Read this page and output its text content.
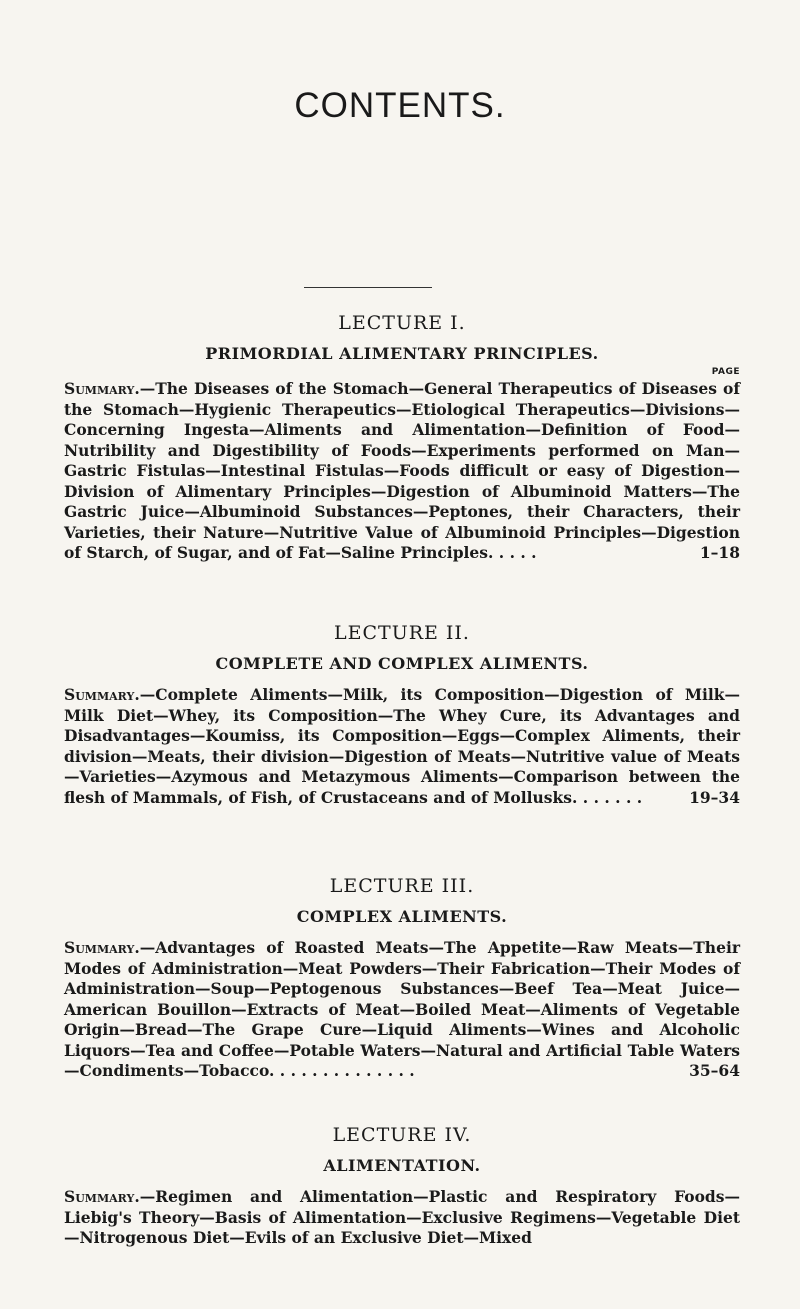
CONTENTS.
LECTURE I.
PRIMORDIAL ALIMENTARY PRINCIPLES.
PAGE
Summary.—The Diseases of the Stomach—General Therapeutics of Diseases of the Stomach—Hygienic Therapeutics—Etiological Therapeutics—Divisions—Concerning Ingesta—Aliments and Alimentation—Definition of Food—Nutribility and Digestibility of Foods—Experiments performed on Man—Gastric Fistulas—Intestinal Fistulas—Foods difficult or easy of Digestion—Division of Alimentary Principles—Digestion of Albuminoid Matters—The Gastric Juice—Albuminoid Substances—Peptones, their Characters, their Varieties, their Nature—Nutritive Value of Albuminoid Principles—Digestion of Starch, of Sugar, and of Fat—Saline Principles. . . . .	1–18
LECTURE II.
COMPLETE AND COMPLEX ALIMENTS.
Summary.—Complete Aliments—Milk, its Composition—Digestion of Milk—Milk Diet—Whey, its Composition—The Whey Cure, its Advantages and Disadvantages—Koumiss, its Composition—Eggs—Complex Aliments, their division—Meats, their division—Digestion of Meats—Nutritive value of Meats—Varieties—Azymous and Metazymous Aliments—Comparison between the flesh of Mammals, of Fish, of Crustaceans and of Mollusks. . . . . . .	19–34
LECTURE III.
COMPLEX ALIMENTS.
Summary.—Advantages of Roasted Meats—The Appetite—Raw Meats—Their Modes of Administration—Meat Powders—Their Fabrication—Their Modes of Administration—Soup—Peptogenous Substances—Beef Tea—Meat Juice—American Bouillon—Extracts of Meat—Boiled Meat—Aliments of Vegetable Origin—Bread—The Grape Cure—Liquid Aliments—Wines and Alcoholic Liquors—Tea and Coffee—Potable Waters—Natural and Artificial Table Waters—Condiments—Tobacco. . . . . . . . . . . . . .	35–64
LECTURE IV.
ALIMENTATION.
Summary.—Regimen and Alimentation—Plastic and Respiratory Foods—Liebig's Theory—Basis of Alimentation—Exclusive Regimens—Vegetable Diet—Nitrogenous Diet—Evils of an Exclusive Diet—Mixed
